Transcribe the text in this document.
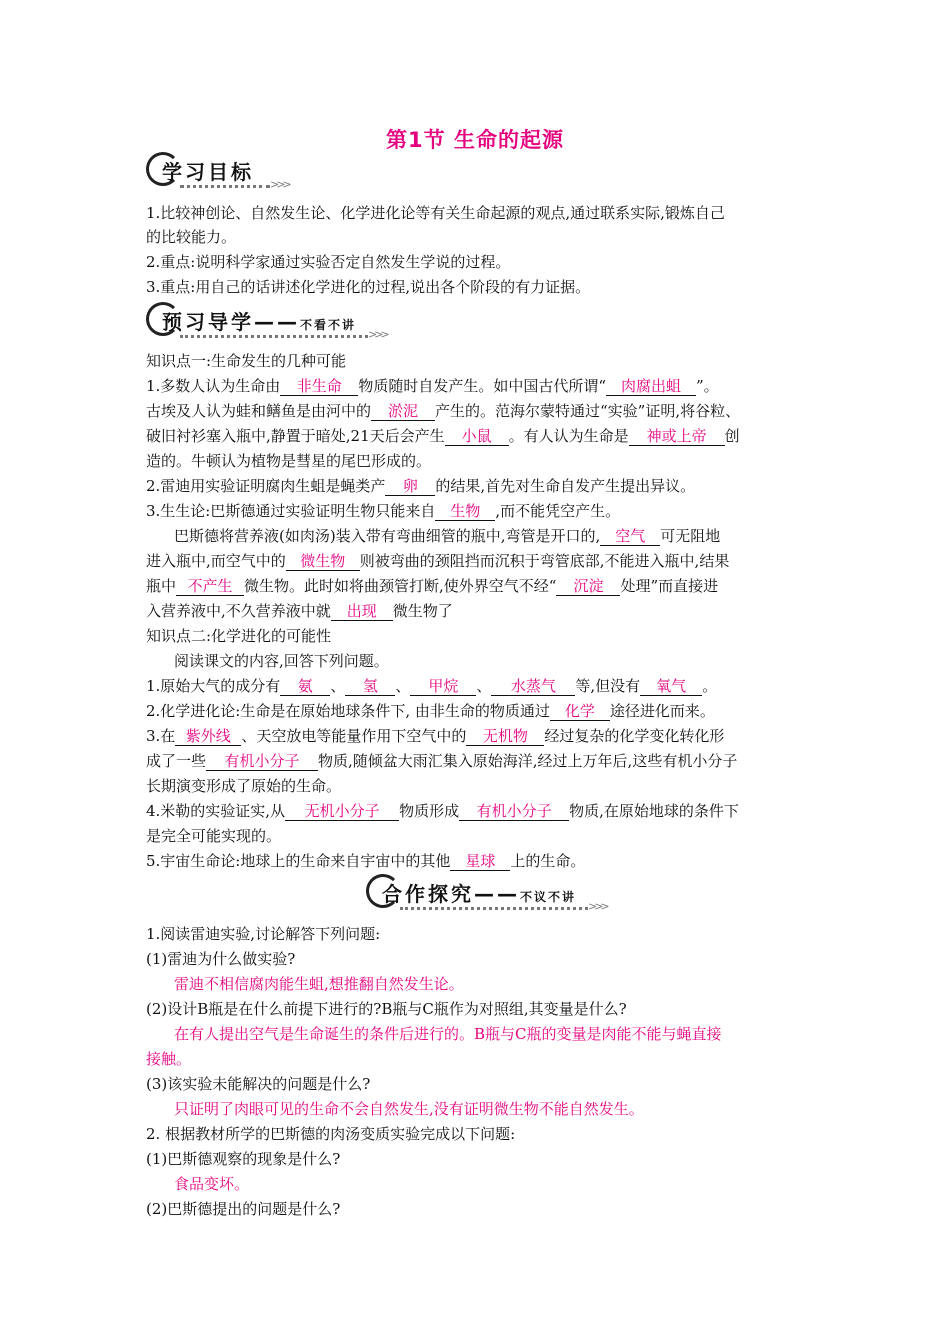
第1节 生命的起源
学习目标
>>>
1.比较神创论、自然发生论、化学进化论等有关生命起源的观点,通过联系实际,锻炼自己
的比较能力。
2.重点:说明科学家通过实验否定自然发生学说的过程。
3.重点:用自己的话讲述化学进化的过程,说出各个阶段的有力证据。
预习导学——不看不讲
>>>
知识点一:生命发生的几种可能
1.多数人认为生命由 非生命 物质随时自发产生。如中国古代所谓“ 肉腐出蛆 ”。
古埃及人认为蛙和鳝鱼是由河中的 淤泥 产生的。范海尔蒙特通过“实验”证明,将谷粒、
破旧衬衫塞入瓶中,静置于暗处,21天后会产生 小鼠 。有人认为生命是 神或上帝 创
造的。牛顿认为植物是彗星的尾巴形成的。
2.雷迪用实验证明腐肉生蛆是蝇类产 卵 的结果,首先对生命自发产生提出异议。
3.生生论:巴斯德通过实验证明生物只能来自 生物 ,而不能凭空产生。
巴斯德将营养液(如肉汤)装入带有弯曲细管的瓶中,弯管是开口的, 空气 可无阻地
进入瓶中,而空气中的 微生物 则被弯曲的颈阻挡而沉积于弯管底部,不能进入瓶中,结果
瓶中 不产生 微生物。此时如将曲颈管打断,使外界空气不经“ 沉淀 处理”而直接进
入营养液中,不久营养液中就 出现 微生物了
知识点二:化学进化的可能性
阅读课文的内容,回答下列问题。
1.原始大气的成分有 氨 、 氢 、 甲烷 、 水蒸气 等,但没有 氧气 。
2.化学进化论:生命是在原始地球条件下, 由非生命的物质通过 化学 途径进化而来。
3.在 紫外线 、天空放电等能量作用下空气中的 无机物 经过复杂的化学变化转化形
成了一些 有机小分子 物质,随倾盆大雨汇集入原始海洋,经过上万年后,这些有机小分子
长期演变形成了原始的生命。
4.米勒的实验证实,从 无机小分子 物质形成 有机小分子 物质,在原始地球的条件下
是完全可能实现的。
5.宇宙生命论:地球上的生命来自宇宙中的其他 星球 上的生命。
合作探究——不议不讲
>>>
1.阅读雷迪实验,讨论解答下列问题:
(1)雷迪为什么做实验?
雷迪不相信腐肉能生蛆,想推翻自然发生论。
(2)设计B瓶是在什么前提下进行的?B瓶与C瓶作为对照组,其变量是什么?
在有人提出空气是生命诞生的条件后进行的。B瓶与C瓶的变量是肉能不能与蝇直接
接触。
(3)该实验未能解决的问题是什么?
只证明了肉眼可见的生命不会自然发生,没有证明微生物不能自然发生。
2. 根据教材所学的巴斯德的肉汤变质实验完成以下问题:
(1)巴斯德观察的现象是什么?
食品变坏。
(2)巴斯德提出的问题是什么?
